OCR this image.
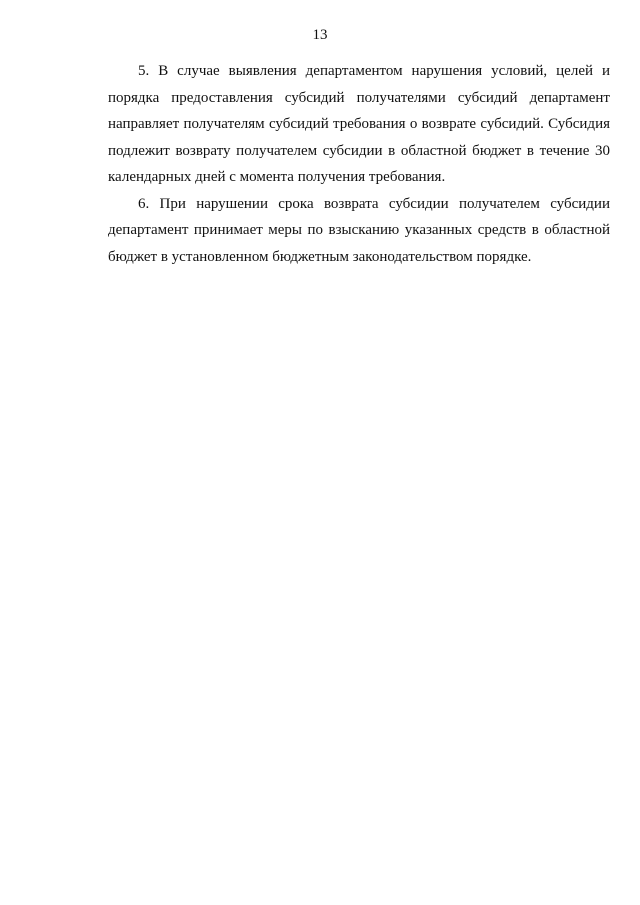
13

5. В случае выявления департаментом нарушения условий, целей и порядка предоставления субсидий получателями субсидий департамент направляет получателям субсидий требования о возврате субсидий. Субсидия подлежит возврату получателем субсидии в областной бюджет в течение 30 календарных дней с момента получения требования.

6. При нарушении срока возврата субсидии получателем субсидии департамент принимает меры по взысканию указанных средств в областной бюджет в установленном бюджетным законодательством порядке.
